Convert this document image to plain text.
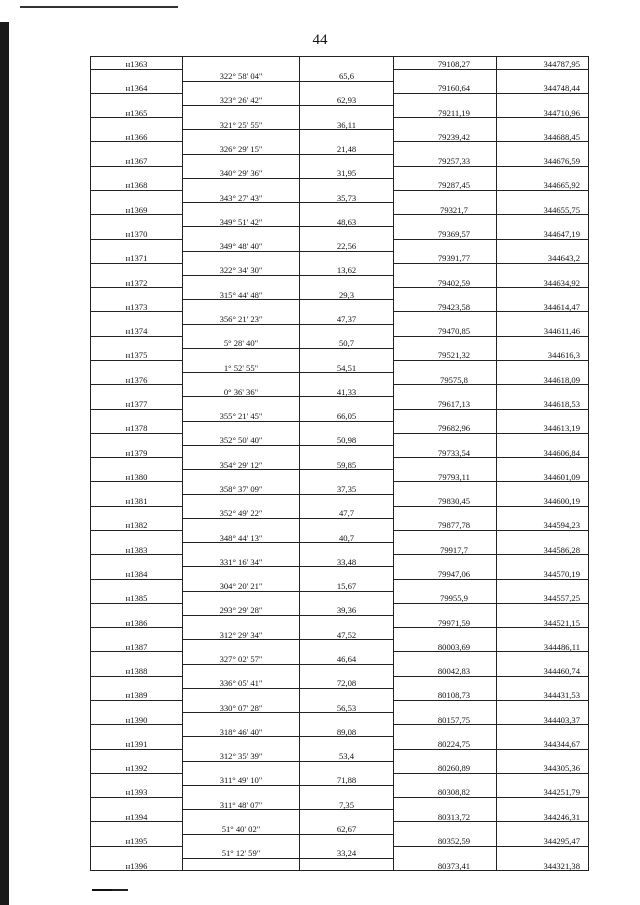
44
н1363			79108,27	344787,95
	322° 58' 04"	65,6		
н1364			79160,64	344748,44
	323° 26' 42"	62,93		
н1365			79211,19	344710,96
	321° 25' 55"	36,11		
н1366			79239,42	344688,45
	326° 29' 15"	21,48		
н1367			79257,33	344676,59
	340° 29' 36"	31,95		
н1368			79287,45	344665,92
	343° 27' 43"	35,73		
н1369			79321,7	344655,75
	349° 51' 42"	48,63		
н1370			79369,57	344647,19
	349° 48' 40"	22,56		
н1371			79391,77	344643,2
	322° 34' 30"	13,62		
н1372			79402,59	344634,92
	315° 44' 48"	29,3		
н1373			79423,58	344614,47
	356° 21' 23"	47,37		
н1374			79470,85	344611,46
	5° 28' 40"	50,7		
н1375			79521,32	344616,3
	1° 52' 55"	54,51		
н1376			79575,8	344618,09
	0° 36' 36"	41,33		
н1377			79617,13	344618,53
	355° 21' 45"	66,05		
н1378			79682,96	344613,19
	352° 50' 40"	50,98		
н1379			79733,54	344606,84
	354° 29' 12"	59,85		
н1380			79793,11	344601,09
	358° 37' 09"	37,35		
н1381			79830,45	344600,19
	352° 49' 22"	47,7		
н1382			79877,78	344594,23
	348° 44' 13"	40,7		
н1383			79917,7	344586,28
	331° 16' 34"	33,48		
н1384			79947,06	344570,19
	304° 20' 21"	15,67		
н1385			79955,9	344557,25
	293° 29' 28"	39,36		
н1386			79971,59	344521,15
	312° 29' 34"	47,52		
н1387			80003,69	344486,11
	327° 02' 57"	46,64		
н1388			80042,83	344460,74
	336° 05' 41"	72,08		
н1389			80108,73	344431,53
	330° 07' 28"	56,53		
н1390			80157,75	344403,37
	318° 46' 40"	89,08		
н1391			80224,75	344344,67
	312° 35' 39"	53,4		
н1392			80260,89	344305,36
	311° 49' 10"	71,88		
н1393			80308,82	344251,79
	311° 48' 07"	7,35		
н1394			80313,72	344246,31
	51° 40' 02"	62,67		
н1395			80352,59	344295,47
	51° 12' 59"	33,24		
н1396			80373,41	344321,38
